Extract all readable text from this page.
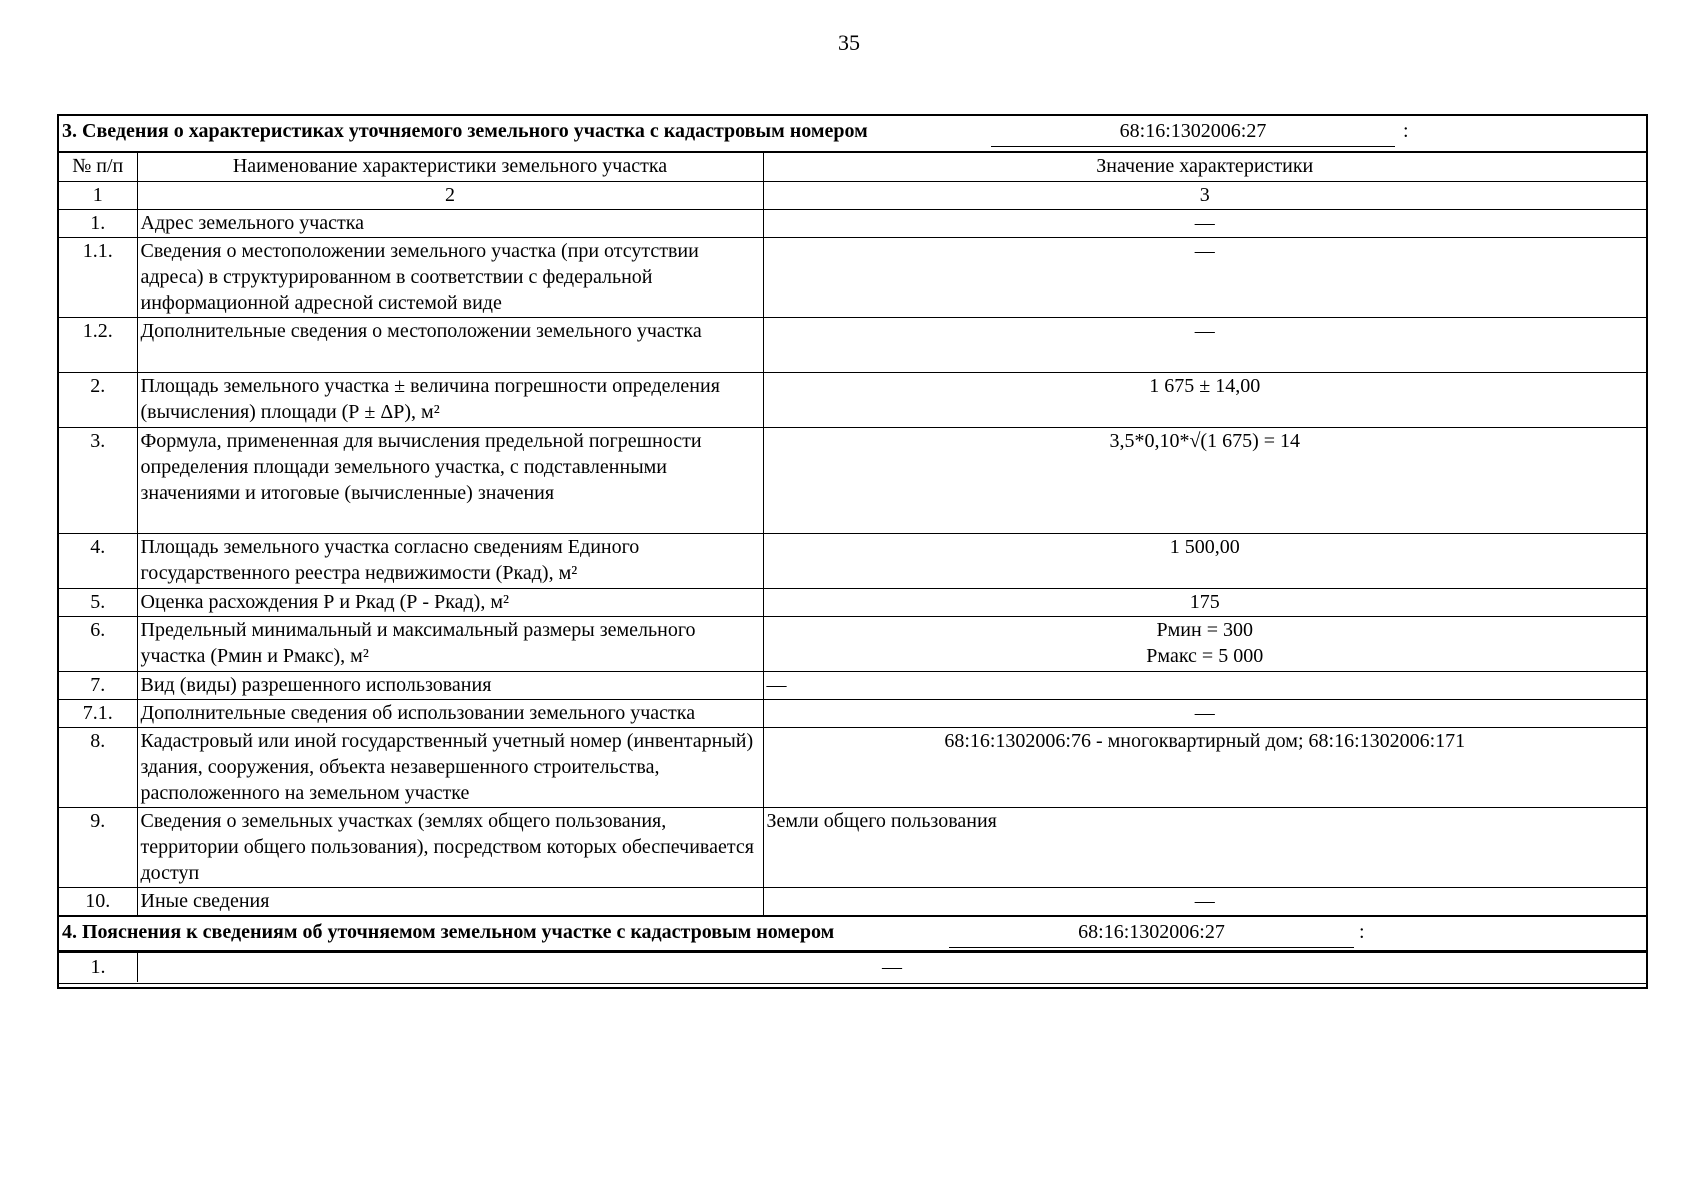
35
3. Сведения о характеристиках уточняемого земельного участка с кадастровым номером	68:16:1302006:27	:
№ п/п	Наименование характеристики земельного участка	Значение характеристики
1	2	3
1.	Адрес земельного участка	—
1.1.	Сведения о местоположении земельного участка (при отсутствии адреса) в структурированном в соответствии с федеральной информационной адресной системой виде	—
1.2.	Дополнительные сведения о местоположении земельного участка	—
2.	Площадь земельного участка ± величина погрешности определения (вычисления) площади (Р ± ΔР), м²	1 675 ± 14,00
3.	Формула, примененная для вычисления предельной погрешности определения площади земельного участка, с подставленными значениями и итоговые (вычисленные) значения	3,5*0,10*√(1 675) = 14
4.	Площадь земельного участка согласно сведениям Единого государственного реестра недвижимости (Ркад), м²	1 500,00
5.	Оценка расхождения Р и Ркад (Р - Ркад), м²	175
6.	Предельный минимальный и максимальный размеры земельного участка (Рмин и Рмакс), м²	Рмин = 300
Рмакс = 5 000

7.	Вид (виды) разрешенного использования	—
7.1.	Дополнительные сведения об использовании земельного участка	—
8.	Кадастровый или иной государственный учетный номер (инвентарный) здания, сооружения, объекта незавершенного строительства, расположенного на земельном участке	68:16:1302006:76 - многоквартирный дом; 68:16:1302006:171
9.	Сведения о земельных участках (землях общего пользования, территории общего пользования), посредством которых обеспечивается доступ	Земли общего пользования
10.	Иные сведения	—
4. Пояснения к сведениям об уточняемом земельном участке с кадастровым номером	68:16:1302006:27	:
1.	—
